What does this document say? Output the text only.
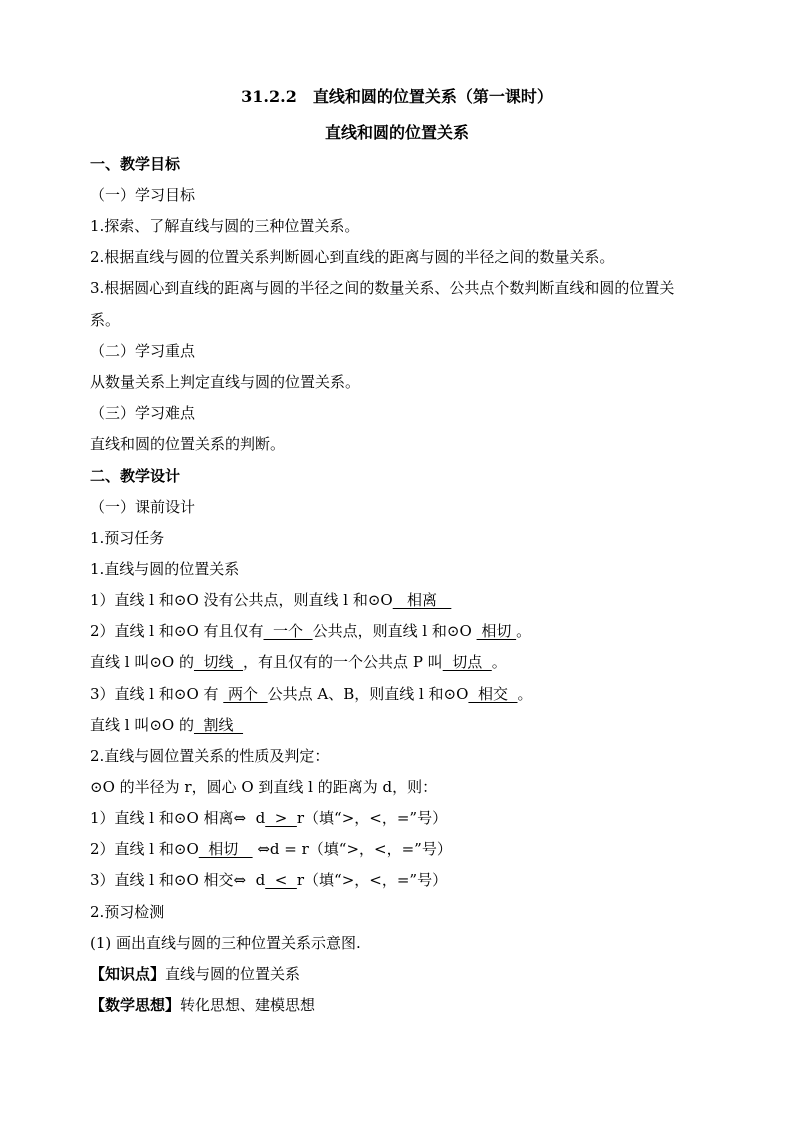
31.2.2　直线和圆的位置关系（第一课时）
直线和圆的位置关系
一、教学目标
（一）学习目标
1.探索、了解直线与圆的三种位置关系。
2.根据直线与圆的位置关系判断圆心到直线的距离与圆的半径之间的数量关系。
3.根据圆心到直线的距离与圆的半径之间的数量关系、公共点个数判断直线和圆的位置关
系。
（二）学习重点
从数量关系上判定直线与圆的位置关系。
（三）学习难点
直线和圆的位置关系的判断。
二、教学设计
（一）课前设计
1.预习任务
1.直线与圆的位置关系
1）直线 l 和⊙O 没有公共点，则直线 l 和⊙O   相离
2）直线 l 和⊙O 有且仅有  一个  公共点，则直线 l 和⊙O  相切 。
直线 l 叫⊙O 的  切线  ，有且仅有的一个公共点 P 叫  切点  。
3）直线 l 和⊙O 有  两个  公共点 A、B，则直线 l 和⊙O  相交  。
直线 l 叫⊙O 的  割线
2.直线与圆位置关系的性质及判定：
⊙O 的半径为 r，圆心 O 到直线 l 的距离为 d，则：
1）直线 l 和⊙O 相离⇔  d  >  r（填“>，<，=”号）
2）直线 l 和⊙O  相切    ⇔d = r（填“>，<，=”号）
3）直线 l 和⊙O 相交⇔  d  <  r（填“>，<，=”号）
2.预习检测
(1) 画出直线与圆的三种位置关系示意图.
【知识点】直线与圆的位置关系
【数学思想】转化思想、建模思想
